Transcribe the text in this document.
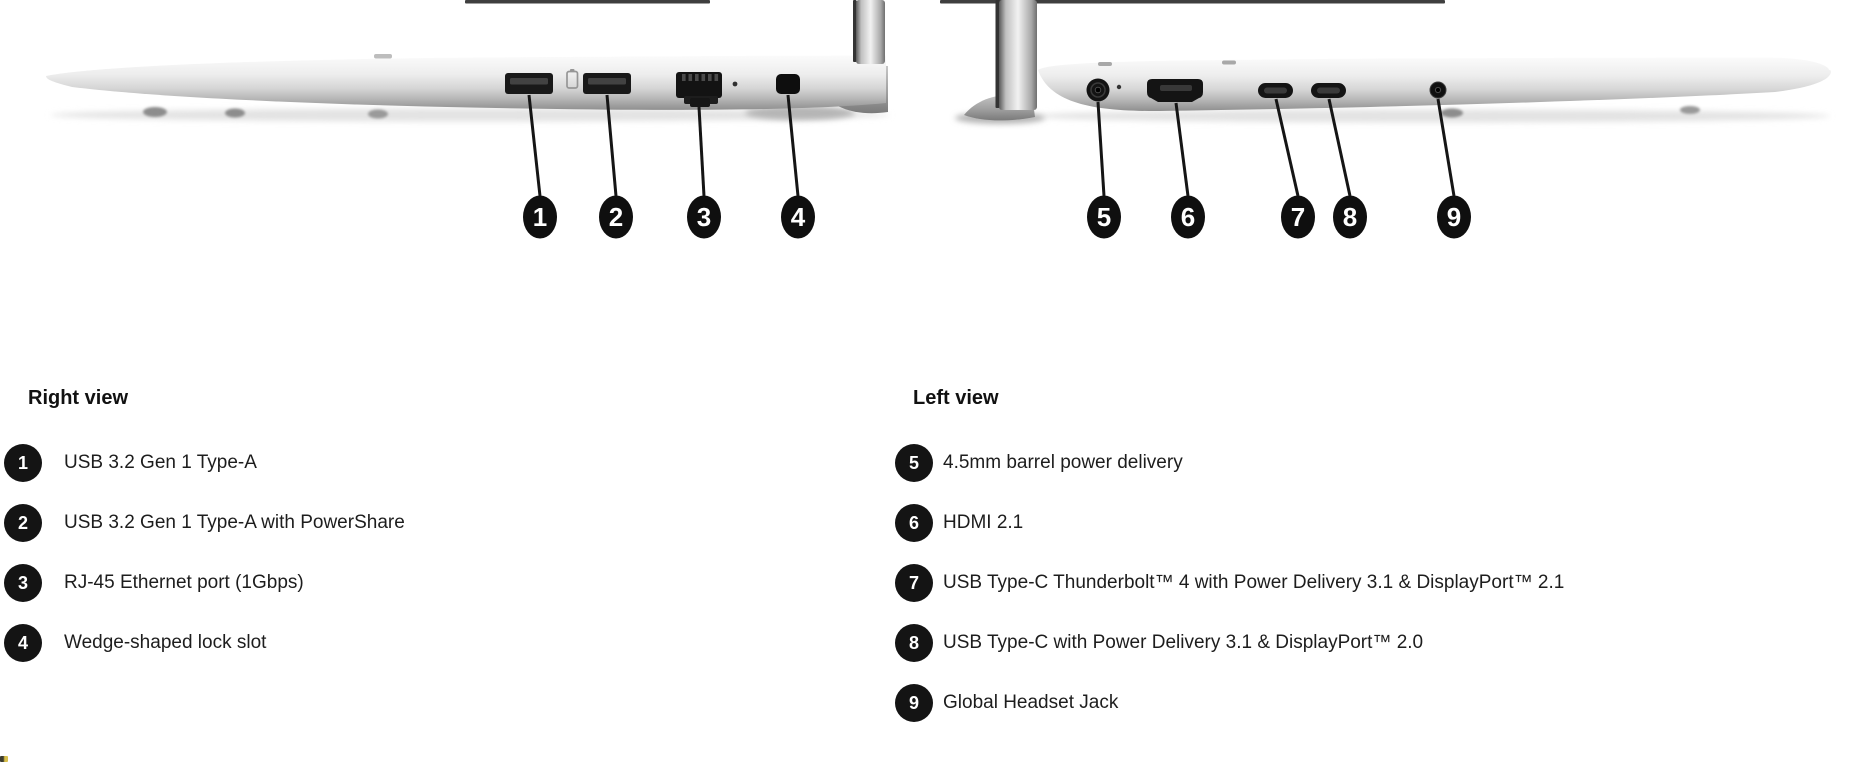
1 2	3	4	5	6	7 8	9
Right view
1	USB 3.2 Gen 1 Type-A
2	USB 3.2 Gen 1 Type-A with PowerShare
3	RJ-45 Ethernet port (1Gbps)
4	Wedge-shaped lock slot
Left view
5	4.5mm barrel power delivery
6	HDMI 2.1
7	USB Type-C Thunderbolt™ 4 with Power Delivery 3.1 & DisplayPort™ 2.1
8	USB Type-C with Power Delivery 3.1 & DisplayPort™ 2.0
9	Global Headset Jack
